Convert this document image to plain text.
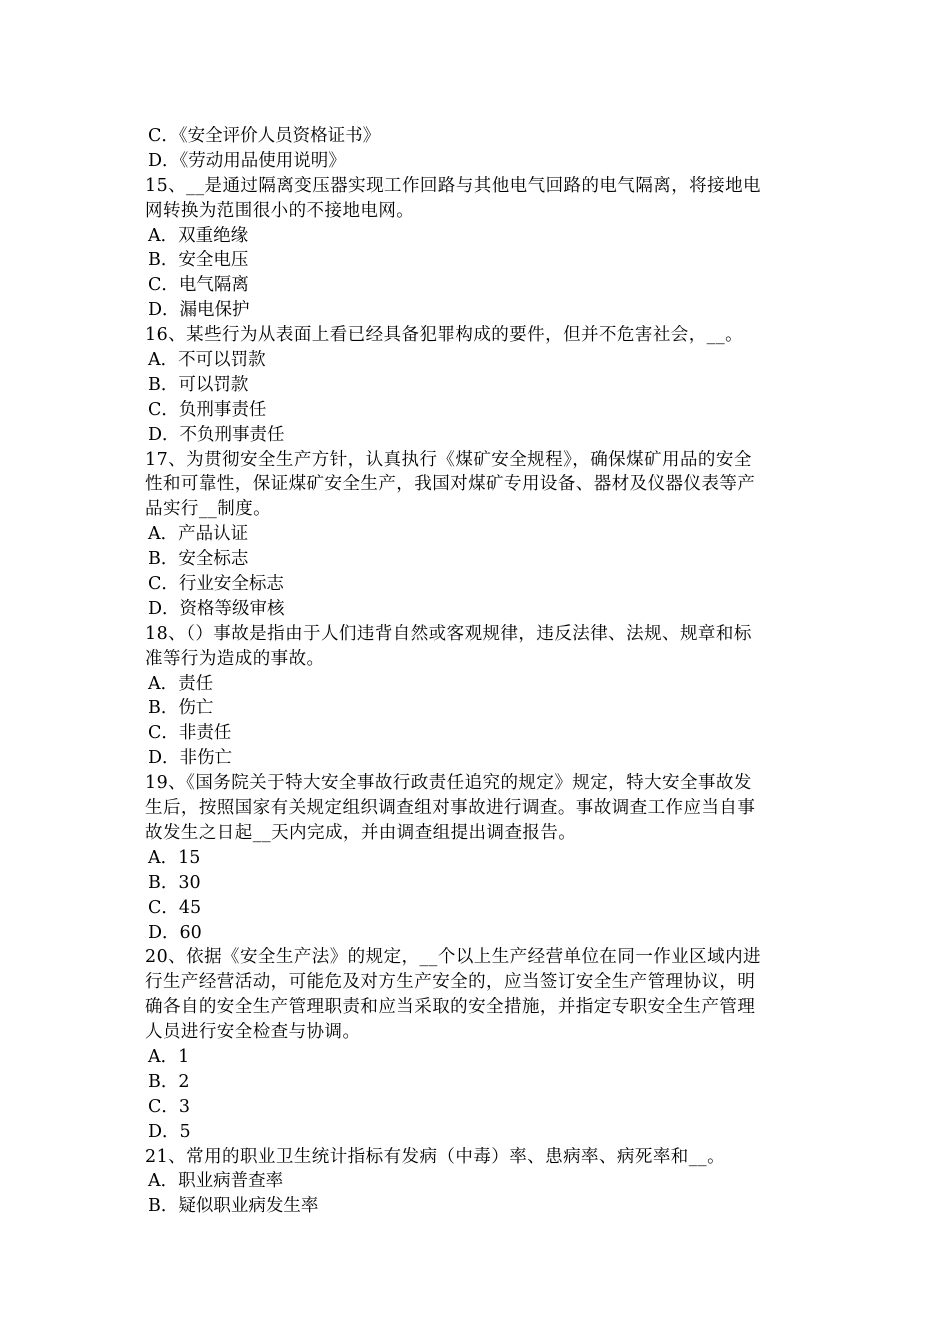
C．《安全评价人员资格证书》
D．《劳动用品使用说明》
15、__是通过隔离变压器实现工作回路与其他电气回路的电气隔离，将接地电
网转换为范围很小的不接地电网。
A．双重绝缘
B．安全电压
C．电气隔离
D．漏电保护
16、某些行为从表面上看已经具备犯罪构成的要件，但并不危害社会，__。
A．不可以罚款
B．可以罚款
C．负刑事责任
D．不负刑事责任
17、为贯彻安全生产方针，认真执行《煤矿安全规程》，确保煤矿用品的安全
性和可靠性，保证煤矿安全生产，我国对煤矿专用设备、器材及仪器仪表等产
品实行__制度。
A．产品认证
B．安全标志
C．行业安全标志
D．资格等级审核
18、（）事故是指由于人们违背自然或客观规律，违反法律、法规、规章和标
准等行为造成的事故。
A．责任
B．伤亡
C．非责任
D．非伤亡
19、《国务院关于特大安全事故行政责任追究的规定》规定，特大安全事故发
生后，按照国家有关规定组织调查组对事故进行调查。事故调查工作应当自事
故发生之日起__天内完成，并由调查组提出调查报告。
A．15
B．30
C．45
D．60
20、依据《安全生产法》的规定，__个以上生产经营单位在同一作业区域内进
行生产经营活动，可能危及对方生产安全的，应当签订安全生产管理协议，明
确各自的安全生产管理职责和应当采取的安全措施，并指定专职安全生产管理
人员进行安全检查与协调。
A．1
B．2
C．3
D．5
21、常用的职业卫生统计指标有发病（中毒）率、患病率、病死率和__。
A．职业病普查率
B．疑似职业病发生率
